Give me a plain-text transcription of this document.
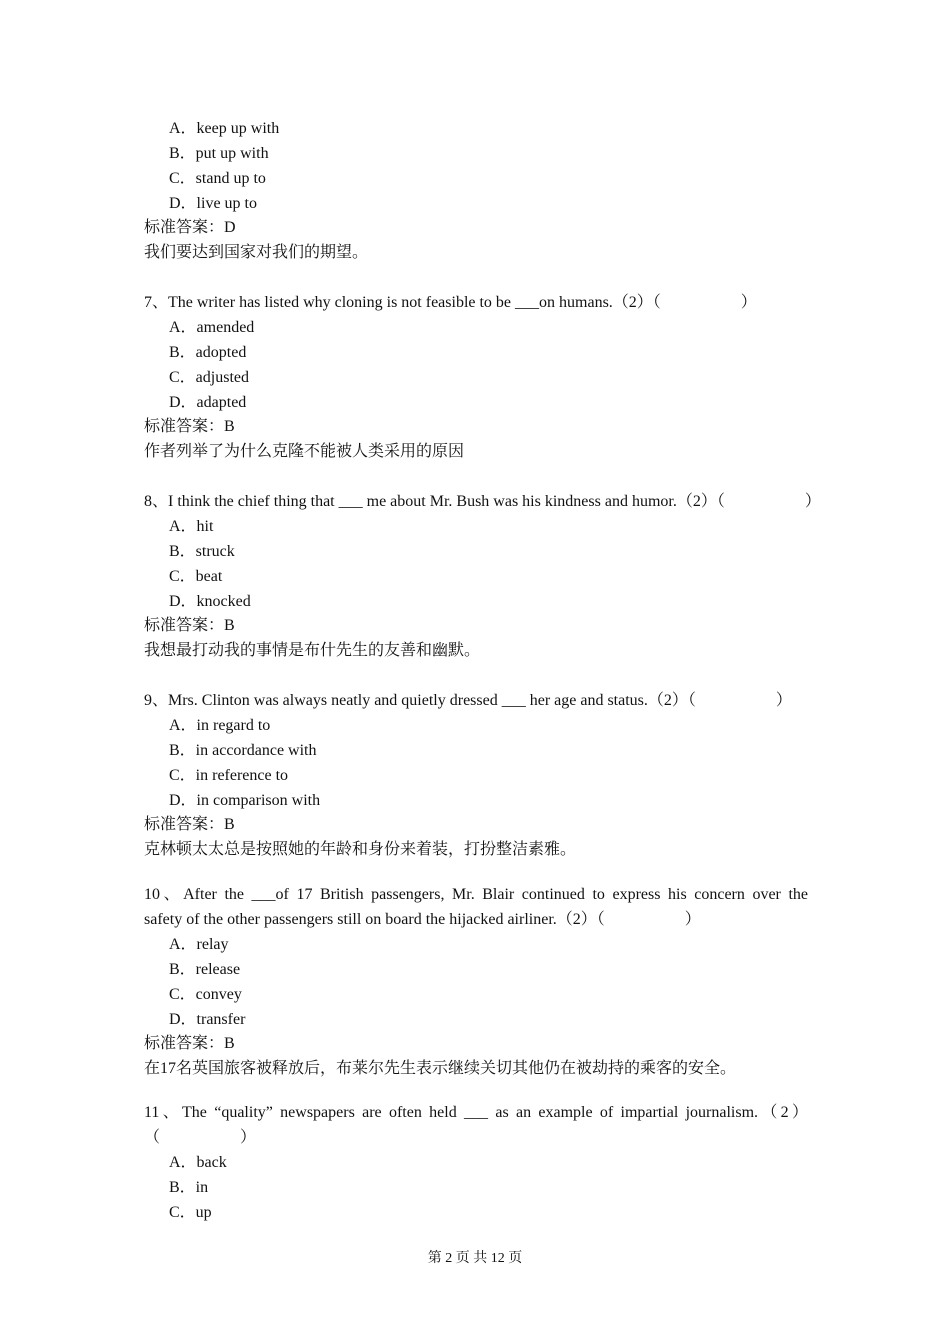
A．keep up with
B．put up with
C．stand up to
D．live up to
标准答案：D
我们要达到国家对我们的期望。
7、The writer has listed why cloning is not feasible to be ___on humans.（2）（　　　　　）
A．amended
B．adopted
C．adjusted
D．adapted
标准答案：B
作者列举了为什么克隆不能被人类采用的原因
8、I think the chief thing that ___ me about Mr. Bush was his kindness and humor.（2）（　　　　　）
A．hit
B．struck
C．beat
D．knocked
标准答案：B
我想最打动我的事情是布什先生的友善和幽默。
9、Mrs. Clinton was always neatly and quietly dressed ___ her age and status.（2）（　　　　　）
A．in regard to
B．in accordance with
C．in reference to
D．in comparison with
标准答案：B
克林顿太太总是按照她的年龄和身份来着装，打扮整洁素雅。
10、After the ___of 17 British passengers, Mr. Blair continued to express his concern over the
safety of the other passengers still on board the hijacked airliner.（2）（　　　　　）
A．relay
B．release
C．convey
D．transfer
标准答案：B
在17名英国旅客被释放后，布莱尔先生表示继续关切其他仍在被劫持的乘客的安全。
11、The “quality” newspapers are often held ___ as an example of impartial journalism.（2）
（　　　　　）
A．back
B．in
C．up
第 2 页 共 12 页
